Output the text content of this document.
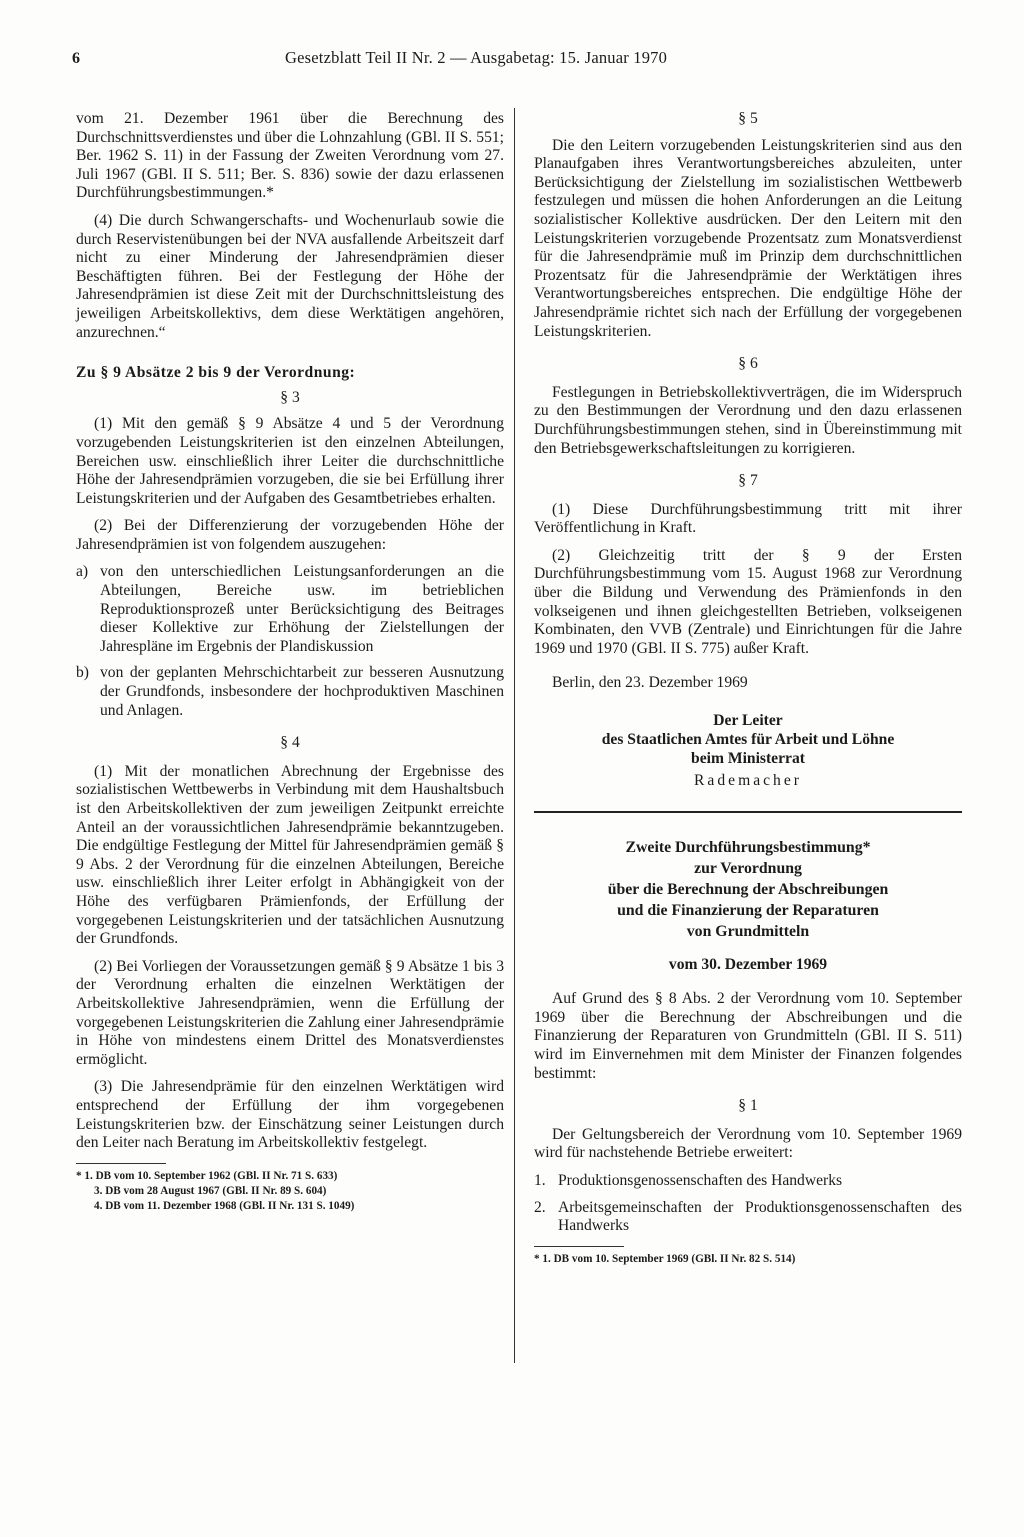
6	Gesetzblatt Teil II Nr. 2 — Ausgabetag: 15. Januar 1970

vom 21. Dezember 1961 über die Berechnung des Durchschnittsverdienstes und über die Lohnzahlung (GBl. II S. 551; Ber. 1962 S. 11) in der Fassung der Zweiten Verordnung vom 27. Juli 1967 (GBl. II S. 511; Ber. S. 836) sowie der dazu erlassenen Durchführungsbestimmungen.*

(4) Die durch Schwangerschafts- und Wochenurlaub sowie die durch Reservistenübungen bei der NVA ausfallende Arbeitszeit darf nicht zu einer Minderung der Jahresendprämien dieser Beschäftigten führen. Bei der Festlegung der Höhe der Jahresendprämien ist diese Zeit mit der Durchschnittsleistung des jeweiligen Arbeitskollektivs, dem diese Werktätigen angehören, anzurechnen.“

Zu § 9 Absätze 2 bis 9 der Verordnung:
§ 3

(1) Mit den gemäß § 9 Absätze 4 und 5 der Verordnung vorzugebenden Leistungskriterien ist den einzelnen Abteilungen, Bereichen usw. einschließlich ihrer Leiter die durchschnittliche Höhe der Jahresendprämien vorzugeben, die sie bei Erfüllung ihrer Leistungskriterien und der Aufgaben des Gesamtbetriebes erhalten.

(2) Bei der Differenzierung der vorzugebenden Höhe der Jahresendprämien ist von folgendem auszugehen:

a) von den unterschiedlichen Leistungsanforderungen an die Abteilungen, Bereiche usw. im betrieblichen Reproduktionsprozeß unter Berücksichtigung des Beitrages dieser Kollektive zur Erhöhung der Zielstellungen der Jahrespläne im Ergebnis der Plandiskussion
b) von der geplanten Mehrschichtarbeit zur besseren Ausnutzung der Grundfonds, insbesondere der hochproduktiven Maschinen und Anlagen.
§ 4

(1) Mit der monatlichen Abrechnung der Ergebnisse des sozialistischen Wettbewerbs in Verbindung mit dem Haushaltsbuch ist den Arbeitskollektiven der zum jeweiligen Zeitpunkt erreichte Anteil an der voraussichtlichen Jahresendprämie bekanntzugeben. Die endgültige Festlegung der Mittel für Jahresendprämien gemäß § 9 Abs. 2 der Verordnung für die einzelnen Abteilungen, Bereiche usw. einschließlich ihrer Leiter erfolgt in Abhängigkeit von der Höhe des verfügbaren Prämienfonds, der Erfüllung der vorgegebenen Leistungskriterien und der tatsächlichen Ausnutzung der Grundfonds.

(2) Bei Vorliegen der Voraussetzungen gemäß § 9 Absätze 1 bis 3 der Verordnung erhalten die einzelnen Werktätigen der Arbeitskollektive Jahresendprämien, wenn die Erfüllung der vorgegebenen Leistungskriterien die Zahlung einer Jahresendprämie in Höhe von mindestens einem Drittel des Monatsverdienstes ermöglicht.

(3) Die Jahresendprämie für den einzelnen Werktätigen wird entsprechend der Erfüllung der ihm vorgegebenen Leistungskriterien bzw. der Einschätzung seiner Leistungen durch den Leiter nach Beratung im Arbeitskollektiv festgelegt.

* 1. DB vom 10. September 1962 (GBl. II Nr. 71 S. 633)
3. DB vom 28 August 1967 (GBl. II Nr. 89 S. 604)
4. DB vom 11. Dezember 1968 (GBl. II Nr. 131 S. 1049)
§ 5

Die den Leitern vorzugebenden Leistungskriterien sind aus den Planaufgaben ihres Verantwortungsbereiches abzuleiten, unter Berücksichtigung der Zielstellung im sozialistischen Wettbewerb festzulegen und müssen die hohen Anforderungen an die Leitung sozialistischer Kollektive ausdrücken. Der den Leitern mit den Leistungskriterien vorzugebende Prozentsatz zum Monatsverdienst für die Jahresendprämie muß im Prinzip dem durchschnittlichen Prozentsatz für die Jahresendprämie der Werktätigen ihres Verantwortungsbereiches entsprechen. Die endgültige Höhe der Jahresendprämie richtet sich nach der Erfüllung der vorgegebenen Leistungskriterien.

§ 6

Festlegungen in Betriebskollektivverträgen, die im Widerspruch zu den Bestimmungen der Verordnung und den dazu erlassenen Durchführungsbestimmungen stehen, sind in Übereinstimmung mit den Betriebsgewerkschaftsleitungen zu korrigieren.

§ 7

(1) Diese Durchführungsbestimmung tritt mit ihrer Veröffentlichung in Kraft.

(2) Gleichzeitig tritt der § 9 der Ersten Durchführungsbestimmung vom 15. August 1968 zur Verordnung über die Bildung und Verwendung des Prämienfonds in den volkseigenen und ihnen gleichgestellten Betrieben, volkseigenen Kombinaten, den VVB (Zentrale) und Einrichtungen für die Jahre 1969 und 1970 (GBl. II S. 775) außer Kraft.

Berlin, den 23. Dezember 1969
Der Leiter
des Staatlichen Amtes für Arbeit und Löhne
beim Ministerrat
Rademacher
Zweite Durchführungsbestimmung*
zur Verordnung
über die Berechnung der Abschreibungen
und die Finanzierung der Reparaturen
von Grundmitteln
vom 30. Dezember 1969

Auf Grund des § 8 Abs. 2 der Verordnung vom 10. September 1969 über die Berechnung der Abschreibungen und die Finanzierung der Reparaturen von Grundmitteln (GBl. II S. 511) wird im Einvernehmen mit dem Minister der Finanzen folgendes bestimmt:

§ 1

Der Geltungsbereich der Verordnung vom 10. September 1969 wird für nachstehende Betriebe erweitert:

1. Produktionsgenossenschaften des Handwerks
2. Arbeitsgemeinschaften der Produktionsgenossenschaften des Handwerks
* 1. DB vom 10. September 1969 (GBl. II Nr. 82 S. 514)
